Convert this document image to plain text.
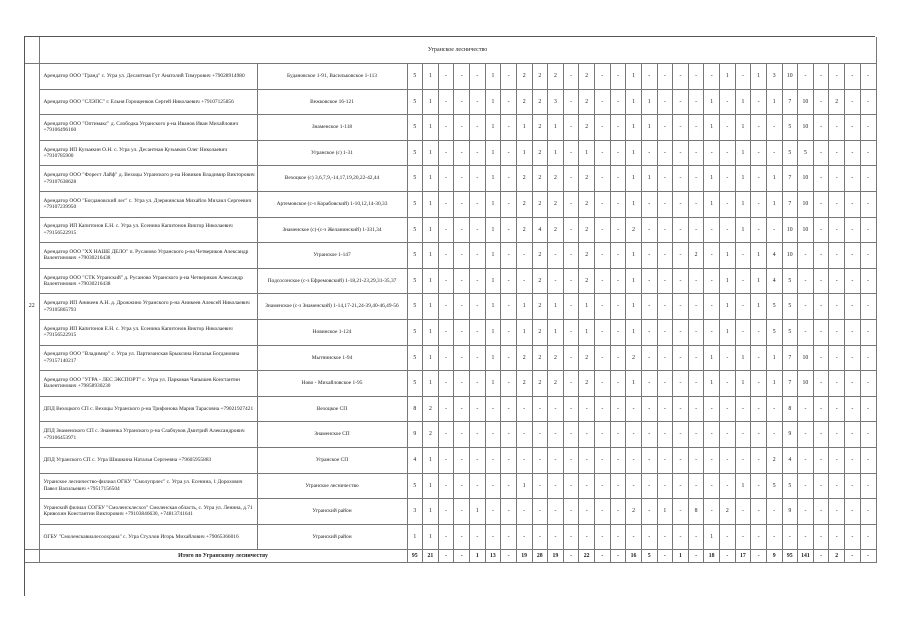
	Угранское лесничество																															
22	Арендатор ООО "Гранд" с. Угра ул. Десантная Гуг Анатолий Тимурович +79028914980	Будановское 1-91, Васильковское 1-113	5	1	-	-	-	1	-	2	2	2	-	2	-	-	1	-	-	-	-	-	1	-	1	3	10	-	-	-	-	-
	Арендатор ООО "СЛЭПС" г. Ельня Горощенков Сергей Николаевич +79107125856	Вежковское 16-121	5	1	-	-	-	1	-	2	2	3	-	2	-	-	1	1	-	-	-	1	-	1	-	1	7	10	-	2	-	-
	Арендатор ООО "Оптимакс" д. Слободка Угранского р-на Иванов Иван Михайлович +79106496160	Знаменское 1-118	5	1	-	-	-	1	-	1	2	1	-	2	-	-	1	1	-	-	-	1	-	1	-	-	5	10	-	-	-	-
	Арендатор ИП Кузьмкин О.Н. с. Угра ул. Десантная Кузьмков Олег Николаевич +7910785900	Угранское (с) 1-31	5	1	-	-	-	1	-	1	2	1	-	1	-	-	1	-	-	-	-	-	-	1	-	-	5	5	-	-	-	-
	Арендатор ООО "Форест Лайф" д. Вехоцы Угранского р-на Новиков Владимир Викторович +79107638628	Вехоцкое (с) 3,6,7,9,-14,17,19,20,22-42,44	5	1	-	-	-	1	-	2	2	2	-	2	-	-	1	1	-	-	-	1	-	1	-	1	7	10	-	-	-	-
	Арендатор ООО "Богдановский лес" с. Угра ул. Дзержинская Михайло Михаил Сергеевич +79107239950	Артемовское (с-з Корабовский) 1-10,12,14-30,33	5	1	-	-	-	1	-	2	2	2	-	2	-	-	1	-	-	-	-	1	-	1	-	1	7	10	-	-	-	-
	Арендатор ИП Капитонов Е.Н. с. Угра ул. Есенина Капитонов Виктор Николаевич +79156522915	Знаменское (с)-(с-з Желанинский) 1-331,34	5	1	-	-	-	1	-	2	4	2	-	2	-	-	2	-	-	-	-	-	-	1	-	-	10	10	-	-	-	-
	Арендатор ООО "ХХ НАШЕ ДЕЛО" п. Русаново Угранского р-на Четвериков Александр Валентинович +79030216438	Угранское 1-147	5	1	-	-	-	1	-	-	2	-	-	2	-	-	1	-	-	-	2	-	1	-	1	4	10	-	-	-	-	-
	Арендатор ООО "СТК Угранский" д. Русаново Угранского р-на Четвериков Александр Валентинович +79030216438	Подсосонское (с-з Ефремовский) 1-18,21-23,29,31-35,37	5	1	-	-	-	1	-	-	2	-	-	2	-	-	1	-	-	-	-	-	1	-	1	4	5	-	-	-	-	-
	Арендатор ИП Аникеев А.Н. д. Дрожжино Угранского р-на Аникеев Алексей Николаевич +79105865793	Знаменское (с-з Знаменский) 1-14,17-21,24-39,40-46,49-56	5	1	-	-	-	1	-	1	2	1	-	1	-	-	1	-	-	-	-	-	1	-	1	5	5	-	-	-	-	-
	Арендатор ИП Капитонов Е.Н. с. Угра ул. Есенина Капитонов Виктор Николаевич +79156522915	Новинское 1-124	5	1	-	-	-	1	-	1	2	1	-	1	-	-	1	-	-	-	-	-	1	-	-	5	5	-	-	-	-	-
	Арендатор ООО "Владимир" с. Угра ул. Партизанская Брыксина Наталья Богдановна +79157140217	Мытнинское 1-94	5	1	-	-	-	1	-	2	2	2	-	2	-	-	2	-	-	-	-	1	-	1	-	1	7	10	-	-	-	-
	Арендатор ООО "УГРА - ЛЕС ЭКСПОРТ" с. Угра ул. Парковая Чапышев Константин Валентинович +79858930230	Ново - Михайловское 1-95	5	1	-	-	-	1	-	2	2	2	-	2	-	-	1	-	-	-	-	1	-	1	-	1	7	10	-	-	-	-
	ДПД Вехоцкого СП с. Вехоцы Угранского р-на Трифонова Мария Тарасовна +79021927421	Вехоцкое СП	8	2	-	-	-	-	-	-	-	-	-	-	-	-	-	-	-	-	-	-	-	-	-	-	8	-	-	-	-	-
	ДПД Знаменского СП с. Знаменка Угранского р-на Слабчуков Дмитрий Александрович +79106453971	Знаменское СП	9	2	-	-	-	-	-	-	-	-	-	-	-	-	-	-	-	-	-	-	-	-	-	-	9	-	-	-	-	-
	ДПД Угранского СП с. Угра Шишкина Наталья Сергеевна +79605955883	Угранское СП	4	1	-	-	-	-	-	-	-	-	-	-	-	-	-	-	-	-	-	-	-	-	-	2	4	-	-	-	-	-
	Угранское лесничество-филиал ОГКУ "Смолупрлес" с. Угра ул. Есенина, 1 Дорохович Павел Васильевич +79517156504	Угранское лесничество	5	1	-	-	-	-	-	1	-	-	-	-	-	-	-	-	-	-	-	-	-	1	-	5	5	-	-	-	-	-
	Угранский филиал СОГБУ "Смоленсклесхоз" Смоленская область, с. Угра ул. Ленина, д.71 Кривохин Константин Викторович +79103846630, +74813741641	Угранский район	3	1	-	-	1	-	-	-	-	-	-	-	-	-	2	-	1	-	8	-	2	-	-	-	9	-	-	-	-	-
	ОГБУ "Смоленскавиалесоохрана" с. Угра Стуллов Игорь Михайлович +79065366016	Угранский район	1	1	-	-	-	-	-	-	-	-	-	-	-	-	-	-	-	-	-	1	-	-	-	-	-	-	-	-	-	-
	Итого по Угранскому лесничеству		95	21	-	-	1	13	-	19	28	19	-	22	-	-	16	5	-	1	-	18	-	17	-	9	95	141	-	2	-	-
